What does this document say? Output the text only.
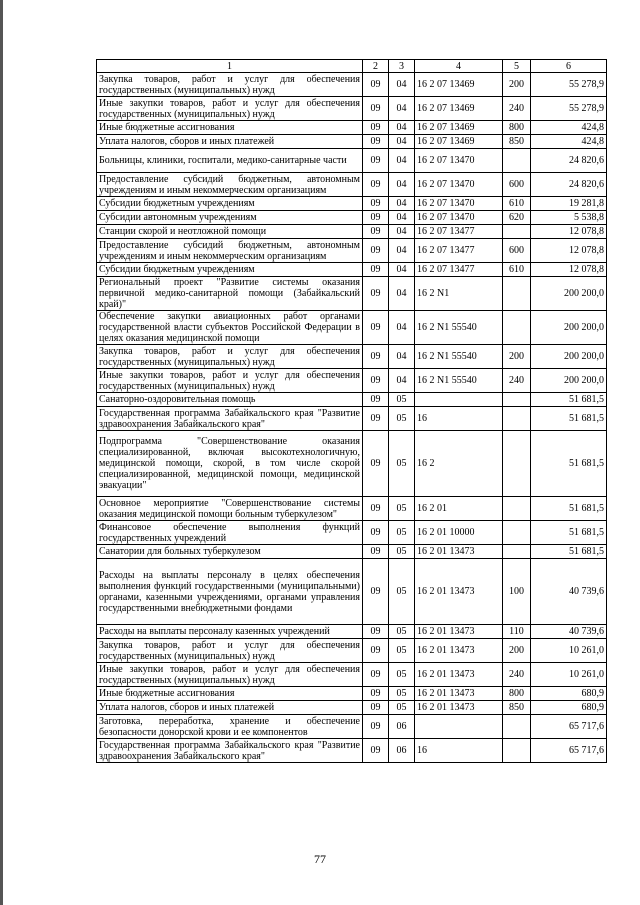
1	2	3	4	5	6
Закупка товаров, работ и услуг для обеспечения государственных (муниципальных) нужд	09	04	16 2 07 13469	200	55 278,9
Иные закупки товаров, работ и услуг для обеспечения государственных (муниципальных) нужд	09	04	16 2 07 13469	240	55 278,9
Иные бюджетные ассигнования	09	04	16 2 07 13469	800	424,8
Уплата налогов, сборов и иных платежей	09	04	16 2 07 13469	850	424,8
Больницы, клиники, госпитали, медико-санитарные части	09	04	16 2 07 13470		24 820,6
Предоставление субсидий бюджетным, автономным учреждениям и иным некоммерческим организациям	09	04	16 2 07 13470	600	24 820,6
Субсидии бюджетным учреждениям	09	04	16 2 07 13470	610	19 281,8
Субсидии автономным учреждениям	09	04	16 2 07 13470	620	5 538,8
Станции скорой и неотложной помощи	09	04	16 2 07 13477		12 078,8
Предоставление субсидий бюджетным, автономным учреждениям и иным некоммерческим организациям	09	04	16 2 07 13477	600	12 078,8
Субсидии бюджетным учреждениям	09	04	16 2 07 13477	610	12 078,8
Региональный проект "Развитие системы оказания первичной медико-санитарной помощи (Забайкальский край)"	09	04	16 2 N1		200 200,0
Обеспечение закупки авиационных работ органами государственной власти субъектов Российской Федерации в целях оказания медицинской помощи	09	04	16 2 N1 55540		200 200,0
Закупка товаров, работ и услуг для обеспечения государственных (муниципальных) нужд	09	04	16 2 N1 55540	200	200 200,0
Иные закупки товаров, работ и услуг для обеспечения государственных (муниципальных) нужд	09	04	16 2 N1 55540	240	200 200,0
Санаторно-оздоровительная помощь	09	05			51 681,5
Государственная программа Забайкальского края "Развитие здравоохранения Забайкальского края"	09	05	16		51 681,5
Подпрограмма "Совершенствование оказания специализированной, включая высокотехнологичную, медицинской помощи, скорой, в том числе скорой специализированной, медицинской помощи, медицинской эвакуации"	09	05	16 2		51 681,5
Основное мероприятие "Совершенствование системы оказания медицинской помощи больным туберкулезом"	09	05	16 2 01		51 681,5
Финансовое обеспечение выполнения функций государственных учреждений	09	05	16 2 01 10000		51 681,5
Санатории для больных туберкулезом	09	05	16 2 01 13473		51 681,5
Расходы на выплаты персоналу в целях обеспечения выполнения функций государственными (муниципальными) органами, казенными учреждениями, органами управления государственными внебюджетными фондами	09	05	16 2 01 13473	100	40 739,6
Расходы на выплаты персоналу казенных учреждений	09	05	16 2 01 13473	110	40 739,6
Закупка товаров, работ и услуг для обеспечения государственных (муниципальных) нужд	09	05	16 2 01 13473	200	10 261,0
Иные закупки товаров, работ и услуг для обеспечения государственных (муниципальных) нужд	09	05	16 2 01 13473	240	10 261,0
Иные бюджетные ассигнования	09	05	16 2 01 13473	800	680,9
Уплата налогов, сборов и иных платежей	09	05	16 2 01 13473	850	680,9
Заготовка, переработка, хранение и обеспечение безопасности донорской крови и ее компонентов	09	06			65 717,6
Государственная программа Забайкальского края "Развитие здравоохранения Забайкальского края"	09	06	16		65 717,6
77
